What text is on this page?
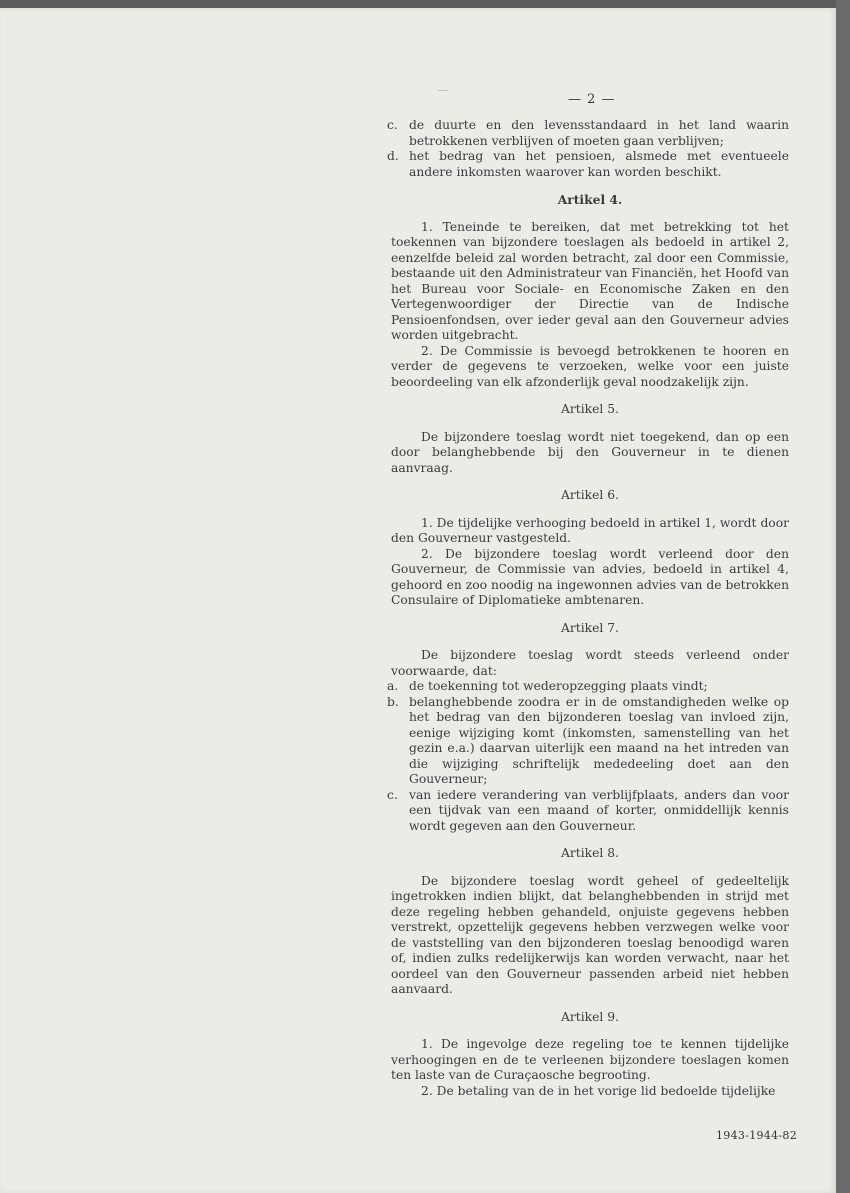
‾‾	— 2 —
c. de duurte en den levensstandaard in het land waarin betrokkenen verblijven of moeten gaan verblijven;
d. het bedrag van het pensioen, alsmede met eventueele andere inkomsten waarover kan worden beschikt.
Artikel 4.
1. Teneinde te bereiken, dat met betrekking tot het toekennen van bijzondere toeslagen als bedoeld in artikel 2, eenzelfde beleid zal worden betracht, zal door een Commissie, bestaande uit den Administrateur van Financiën, het Hoofd van het Bureau voor Sociale- en Economische Zaken en den Vertegenwoordiger der Directie van de Indische Pensioenfondsen, over ieder geval aan den Gouverneur advies worden uitgebracht.
2. De Commissie is bevoegd betrokkenen te hooren en verder de gegevens te verzoeken, welke voor een juiste beoordeeling van elk afzonderlijk geval noodzakelijk zijn.
Artikel 5.
De bijzondere toeslag wordt niet toegekend, dan op een door belanghebbende bij den Gouverneur in te dienen aanvraag.
Artikel 6.
1. De tijdelijke verhooging bedoeld in artikel 1, wordt door den Gouverneur vastgesteld.
2. De bijzondere toeslag wordt verleend door den Gouverneur, de Commissie van advies, bedoeld in artikel 4, gehoord en zoo noodig na ingewonnen advies van de betrokken Consulaire of Diplomatieke ambtenaren.
Artikel 7.
De bijzondere toeslag wordt steeds verleend onder voorwaarde, dat:
a. de toekenning tot wederopzegging plaats vindt;
b. belanghebbende zoodra er in de omstandigheden welke op het bedrag van den bijzonderen toeslag van invloed zijn, eenige wijziging komt (inkomsten, samenstelling van het gezin e.a.) daarvan uiterlijk een maand na het intreden van die wijziging schriftelijk mededeeling doet aan den Gouverneur;
c. van iedere verandering van verblijfplaats, anders dan voor een tijdvak van een maand of korter, onmiddellijk kennis wordt gegeven aan den Gouverneur.
Artikel 8.
De bijzondere toeslag wordt geheel of gedeeltelijk ingetrokken indien blijkt, dat belanghebbenden in strijd met deze regeling hebben gehandeld, onjuiste gegevens hebben verstrekt, opzettelijk gegevens hebben verzwegen welke voor de vaststelling van den bijzonderen toeslag benoodigd waren of, indien zulks redelijkerwijs kan worden verwacht, naar het oordeel van den Gouverneur passenden arbeid niet hebben aanvaard.
Artikel 9.
1. De ingevolge deze regeling toe te kennen tijdelijke verhoogingen en de te verleenen bijzondere toeslagen komen ten laste van de Curaçaosche begrooting.
2. De betaling van de in het vorige lid bedoelde tijdelijke
1943-1944-82
